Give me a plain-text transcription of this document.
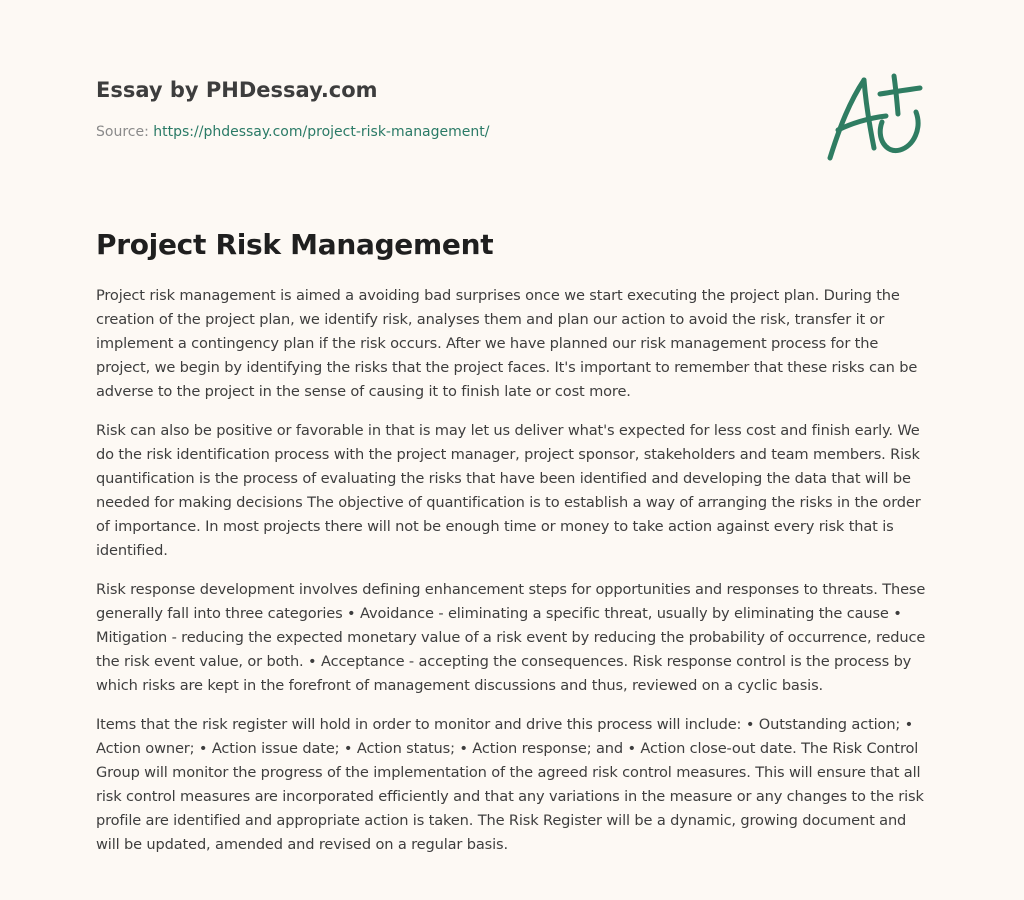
Essay by PHDessay.com
Source: https://phdessay.com/project-risk-management/
Project Risk Management

Project risk management is aimed a avoiding bad surprises once we start executing the project plan. During the creation of the project plan, we identify risk, analyses them and plan our action to avoid the risk, transfer it or implement a contingency plan if the risk occurs. After we have planned our risk management process for the project, we begin by identifying the risks that the project faces. It's important to remember that these risks can be adverse to the project in the sense of causing it to finish late or cost more.

Risk can also be positive or favorable in that is may let us deliver what's expected for less cost and finish early. We do the risk identification process with the project manager, project sponsor, stakeholders and team members. Risk quantification is the process of evaluating the risks that have been identified and developing the data that will be needed for making decisions The objective of quantification is to establish a way of arranging the risks in the order of importance. In most projects there will not be enough time or money to take action against every risk that is identified.

Risk response development involves defining enhancement steps for opportunities and responses to threats. These generally fall into three categories • Avoidance - eliminating a specific threat, usually by eliminating the cause • Mitigation - reducing the expected monetary value of a risk event by reducing the probability of occurrence, reduce the risk event value, or both. • Acceptance - accepting the consequences. Risk response control is the process by which risks are kept in the forefront of management discussions and thus, reviewed on a cyclic basis.

Items that the risk register will hold in order to monitor and drive this process will include: • Outstanding action; • Action owner; • Action issue date; • Action status; • Action response; and • Action close-out date. The Risk Control Group will monitor the progress of the implementation of the agreed risk control measures. This will ensure that all risk control measures are incorporated efficiently and that any variations in the measure or any changes to the risk profile are identified and appropriate action is taken. The Risk Register will be a dynamic, growing document and will be updated, amended and revised on a regular basis.
